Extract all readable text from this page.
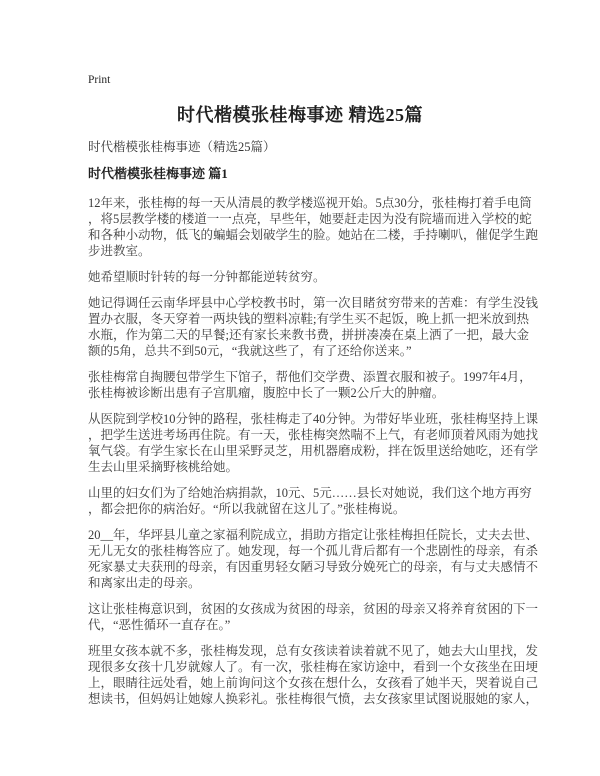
Print
时代楷模张桂梅事迹 精选25篇

时代楷模张桂梅事迹（精选25篇）

时代楷模张桂梅事迹 篇1

12年来，张桂梅的每一天从清晨的教学楼巡视开始。5点30分，张桂梅打着手电筒，将5层教学楼的楼道一一点亮，早些年，她要赶走因为没有院墙而进入学校的蛇和各种小动物，低飞的蝙蝠会划破学生的脸。她站在二楼，手持喇叭，催促学生跑步进教室。

她希望顺时针转的每一分钟都能逆转贫穷。

她记得调任云南华坪县中心学校教书时，第一次目睹贫穷带来的苦难：有学生没钱置办衣服，冬天穿着一两块钱的塑料凉鞋;有学生买不起饭，晚上抓一把米放到热水瓶，作为第二天的早餐;还有家长来教书费，拼拼凑凑在桌上洒了一把，最大金额的5角，总共不到50元，“我就这些了，有了还给你送来。”

张桂梅常自掏腰包带学生下馆子，帮他们交学费、添置衣服和被子。1997年4月，张桂梅被诊断出患有子宫肌瘤，腹腔中长了一颗2公斤大的肿瘤。

从医院到学校10分钟的路程，张桂梅走了40分钟。为带好毕业班，张桂梅坚持上课，把学生送进考场再住院。有一天，张桂梅突然喘不上气，有老师顶着风雨为她找氧气袋。有学生家长在山里采野灵芝，用机器磨成粉，拌在饭里送给她吃，还有学生去山里采摘野核桃给她。

山里的妇女们为了给她治病捐款，10元、5元……县长对她说，我们这个地方再穷，都会把你的病治好。“所以我就留在这儿了。”张桂梅说。

20__年，华坪县儿童之家福利院成立，捐助方指定让张桂梅担任院长，丈夫去世、无儿无女的张桂梅答应了。她发现，每一个孤儿背后都有一个悲剧性的母亲，有杀死家暴丈夫获刑的母亲，有因重男轻女陋习导致分娩死亡的母亲，有与丈夫感情不和离家出走的母亲。

这让张桂梅意识到，贫困的女孩成为贫困的母亲，贫困的母亲又将养育贫困的下一代，“恶性循环一直存在。”

班里女孩本就不多，张桂梅发现，总有女孩读着读着就不见了，她去大山里找，发现很多女孩十几岁就嫁人了。有一次，张桂梅在家访途中，看到一个女孩坐在田埂上，眼睛往远处看，她上前询问这个女孩在想什么，女孩看了她半天，哭着说自己想读书，但妈妈让她嫁人换彩礼。张桂梅很气愤，去女孩家里试图说服她的家人，
